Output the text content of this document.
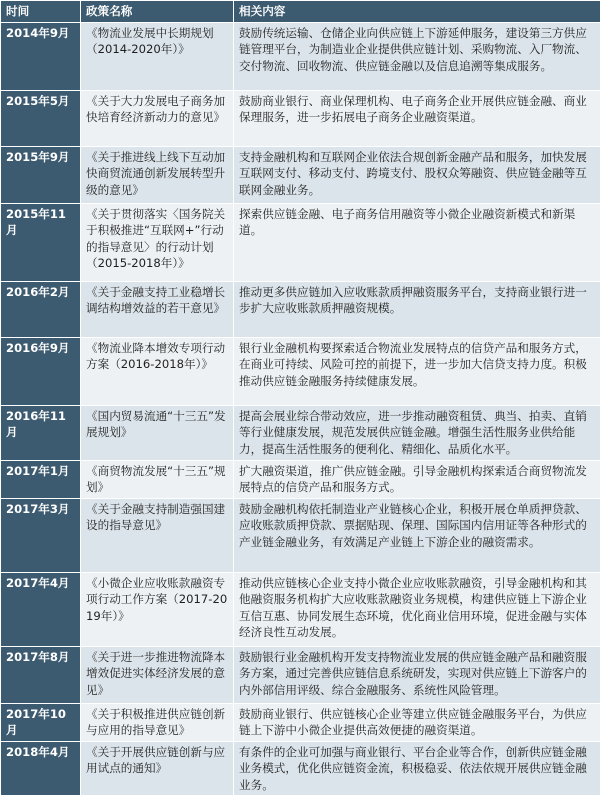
时间	政策名称	相关内容
2014年9月	《物流业发展中长期规划（2014-2020年）》	鼓励传统运输、仓储企业向供应链上下游延伸服务，建设第三方供应链管理平台，为制造业企业提供供应链计划、采购物流、入厂物流、交付物流、回收物流、供应链金融以及信息追溯等集成服务。
2015年5月	《关于大力发展电子商务加快培育经济新动力的意见》	鼓励商业银行、商业保理机构、电子商务企业开展供应链金融、商业保理服务，进一步拓展电子商务企业融资渠道。
2015年9月	《关于推进线上线下互动加快商贸流通创新发展转型升级的意见》	支持金融机构和互联网企业依法合规创新金融产品和服务，加快发展互联网支付、移动支付、跨境支付、股权众筹融资、供应链金融等互联网金融业务。
2015年11月	《关于贯彻落实〈国务院关于积极推进“互联网+”行动的指导意见〉的行动计划（2015-2018年）》	探索供应链金融、电子商务信用融资等小微企业融资新模式和新渠道。
2016年2月	《关于金融支持工业稳增长调结构增效益的若干意见》	推动更多供应链加入应收账款质押融资服务平台，支持商业银行进一步扩大应收账款质押融资规模。
2016年9月	《物流业降本增效专项行动方案（2016-2018年）》	银行业金融机构要探索适合物流业发展特点的信贷产品和服务方式，在商业可持续、风险可控的前提下，进一步加大信贷支持力度。积极推动供应链金融服务持续健康发展。
2016年11月	《国内贸易流通“十三五”发展规划》	提高会展业综合带动效应，进一步推动融资租赁、典当、拍卖、直销等行业健康发展，规范发展供应链金融。增强生活性服务业供给能力，提高生活性服务的便利化、精细化、品质化水平。
2017年1月	《商贸物流发展“十三五”规划》	扩大融资渠道，推广供应链金融。引导金融机构探索适合商贸物流发展特点的信贷产品和服务方式。
2017年3月	《关于金融支持制造强国建设的指导意见》	鼓励金融机构依托制造业产业链核心企业，积极开展仓单质押贷款、应收账款质押贷款、票据贴现、保理、国际国内信用证等各种形式的产业链金融业务，有效满足产业链上下游企业的融资需求。
2017年4月	《小微企业应收账款融资专项行动工作方案（2017-2019年）》	推动供应链核心企业支持小微企业应收账款融资，引导金融机构和其他融资服务机构扩大应收账款融资业务规模，构建供应链上下游企业互信互惠、协同发展生态环境，优化商业信用环境，促进金融与实体经济良性互动发展。
2017年8月	《关于进一步推进物流降本增效促进实体经济发展的意见》	鼓励银行业金融机构开发支持物流业发展的供应链金融产品和融资服务方案，通过完善供应链信息系统研发，实现对供应链上下游客户的内外部信用评级、综合金融服务、系统性风险管理。
2017年10月	《关于积极推进供应链创新与应用的指导意见》	鼓励商业银行、供应链核心企业等建立供应链金融服务平台，为供应链上下游中小微企业提供高效便捷的融资渠道。
2018年4月	《关于开展供应链创新与应用试点的通知》	有条件的企业可加强与商业银行、平台企业等合作，创新供应链金融业务模式，优化供应链资金流，积极稳妥、依法依规开展供应链金融业务。
